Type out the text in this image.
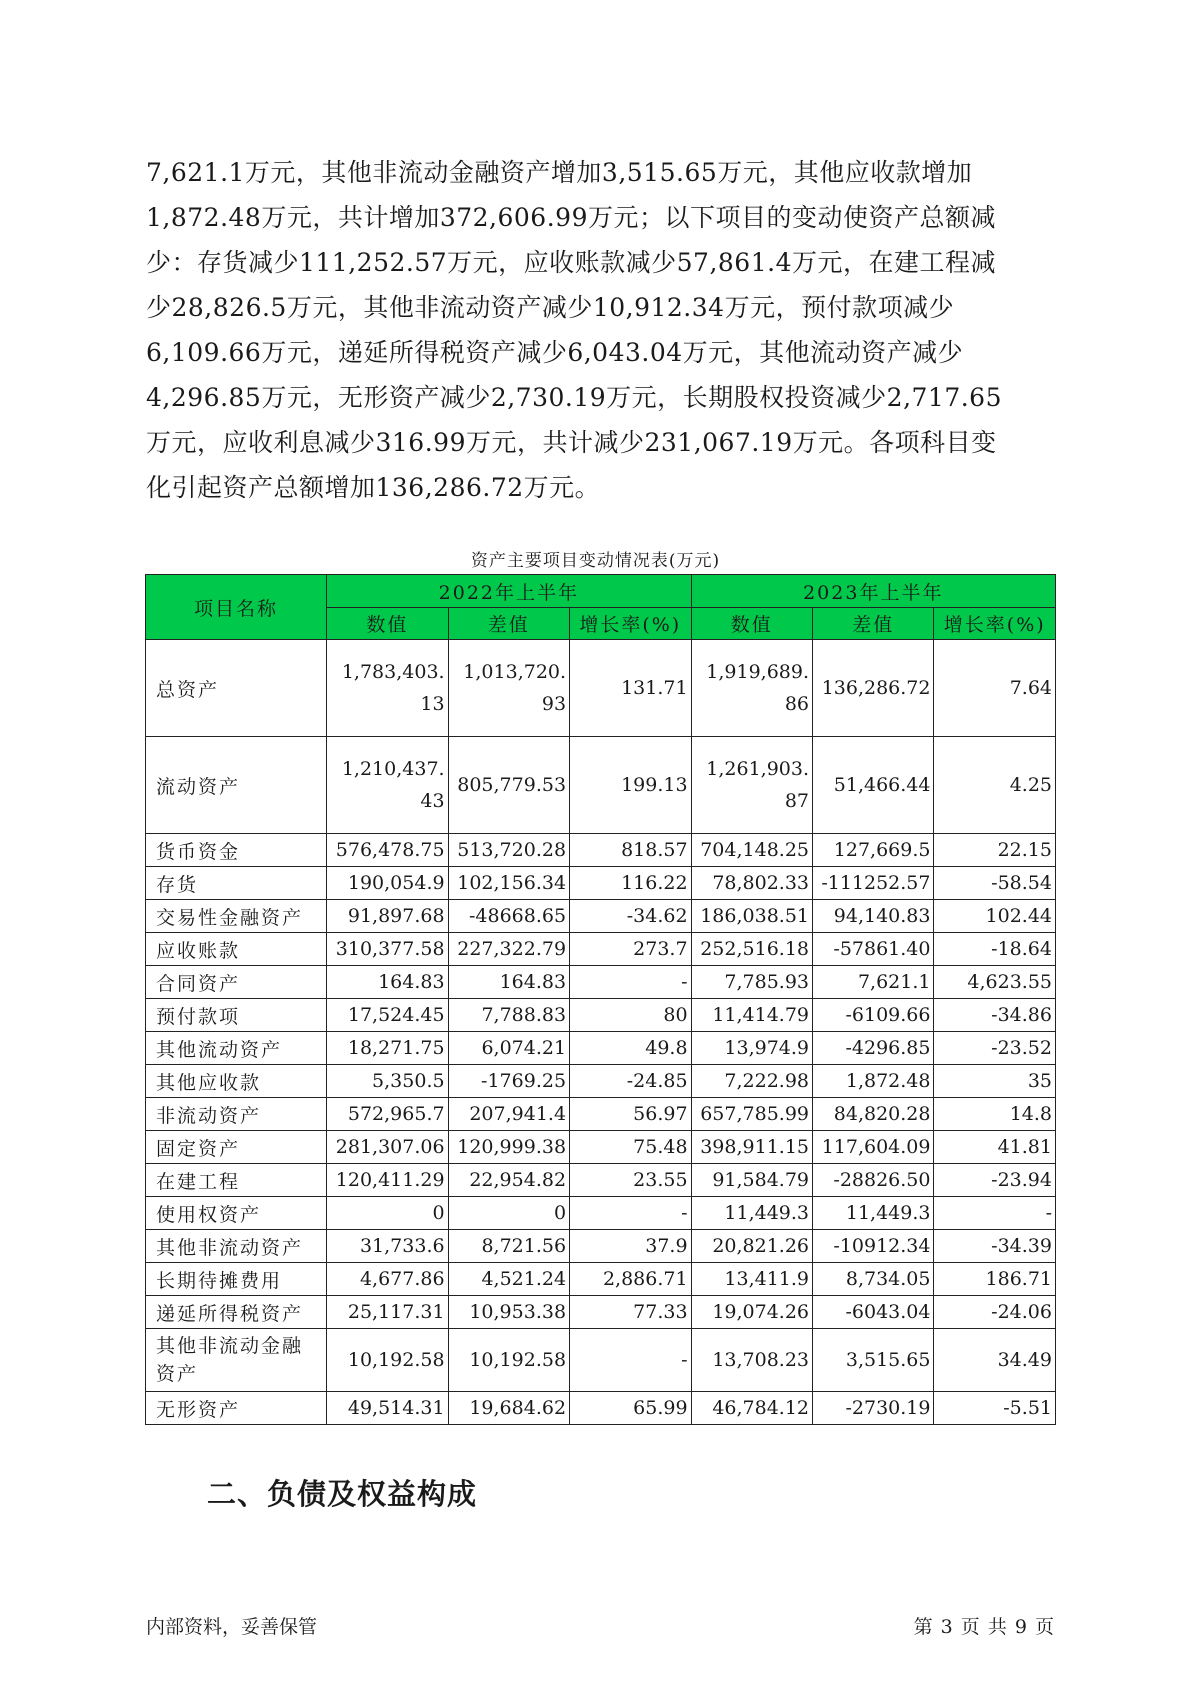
7,621.1万元，其他非流动金融资产增加3,515.65万元，其他应收款增加

1,872.48万元，共计增加372,606.99万元；以下项目的变动使资产总额减

少：存货减少111,252.57万元，应收账款减少57,861.4万元，在建工程减

少28,826.5万元，其他非流动资产减少10,912.34万元，预付款项减少

6,109.66万元，递延所得税资产减少6,043.04万元，其他流动资产减少

4,296.85万元，无形资产减少2,730.19万元，长期股权投资减少2,717.65

万元，应收利息减少316.99万元，共计减少231,067.19万元。各项科目变

化引起资产总额增加136,286.72万元。

资产主要项目变动情况表(万元)
项目名称	2022年上半年			2023年上半年		
	数值	差值	增长率(%)	数值	差值	增长率(%)
总资产	1,783,403.13	1,013,720.93	131.71	1,919,689.86	136,286.72	7.64
流动资产	1,210,437.43	805,779.53	199.13	1,261,903.87	51,466.44	4.25
货币资金	576,478.75	513,720.28	818.57	704,148.25	127,669.5	22.15
存货	190,054.9	102,156.34	116.22	78,802.33	-111252.57	-58.54
交易性金融资产	91,897.68	-48668.65	-34.62	186,038.51	94,140.83	102.44
应收账款	310,377.58	227,322.79	273.7	252,516.18	-57861.40	-18.64
合同资产	164.83	164.83	-	7,785.93	7,621.1	4,623.55
预付款项	17,524.45	7,788.83	80	11,414.79	-6109.66	-34.86
其他流动资产	18,271.75	6,074.21	49.8	13,974.9	-4296.85	-23.52
其他应收款	5,350.5	-1769.25	-24.85	7,222.98	1,872.48	35
非流动资产	572,965.7	207,941.4	56.97	657,785.99	84,820.28	14.8
固定资产	281,307.06	120,999.38	75.48	398,911.15	117,604.09	41.81
在建工程	120,411.29	22,954.82	23.55	91,584.79	-28826.50	-23.94
使用权资产	0	0	-	11,449.3	11,449.3	-
其他非流动资产	31,733.6	8,721.56	37.9	20,821.26	-10912.34	-34.39
长期待摊费用	4,677.86	4,521.24	2,886.71	13,411.9	8,734.05	186.71
递延所得税资产	25,117.31	10,953.38	77.33	19,074.26	-6043.04	-24.06
其他非流动金融资产	10,192.58	10,192.58	-	13,708.23	3,515.65	34.49
无形资产	49,514.31	19,684.62	65.99	46,784.12	-2730.19	-5.51
二、负债及权益构成
内部资料，妥善保管	第 3 页 共 9 页
